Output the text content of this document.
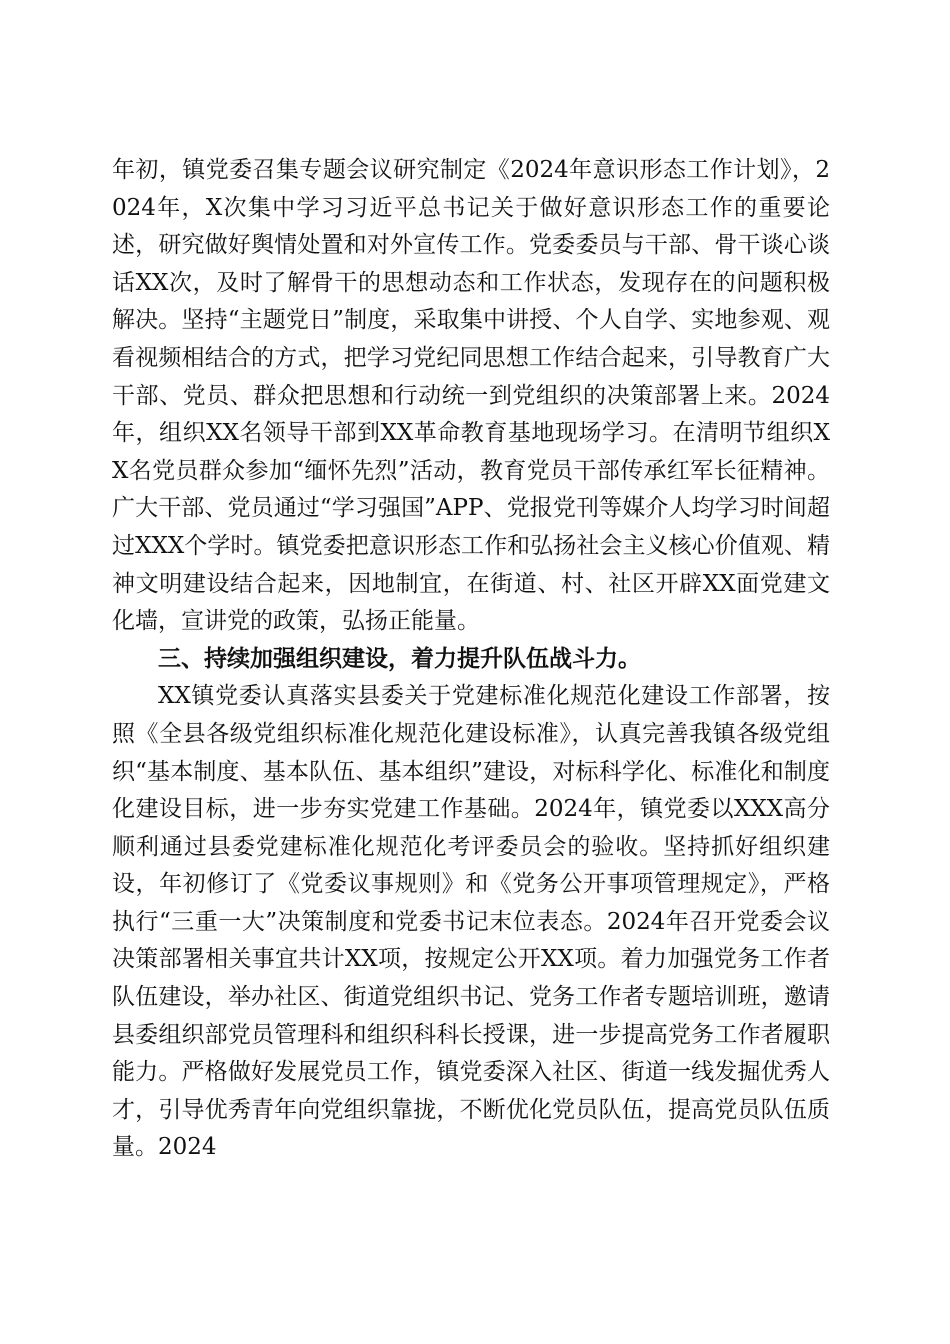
年初，镇党委召集专题会议研究制定《2024年意识形态工作计划》，2024年，X次集中学习习近平总书记关于做好意识形态工作的重要论述，研究做好舆情处置和对外宣传工作。党委委员与干部、骨干谈心谈话XX次，及时了解骨干的思想动态和工作状态，发现存在的问题积极解决。坚持“主题党日”制度，采取集中讲授、个人自学、实地参观、观看视频相结合的方式，把学习党纪同思想工作结合起来，引导教育广大干部、党员、群众把思想和行动统一到党组织的决策部署上来。2024年，组织XX名领导干部到XX革命教育基地现场学习。在清明节组织XX名党员群众参加“缅怀先烈”活动，教育党员干部传承红军长征精神。广大干部、党员通过“学习强国”APP、党报党刊等媒介人均学习时间超过XXX个学时。镇党委把意识形态工作和弘扬社会主义核心价值观、精神文明建设结合起来，因地制宜，在街道、村、社区开辟XX面党建文化墙，宣讲党的政策，弘扬正能量。

三、持续加强组织建设，着力提升队伍战斗力。

XX镇党委认真落实县委关于党建标准化规范化建设工作部署，按照《全县各级党组织标准化规范化建设标准》，认真完善我镇各级党组织“基本制度、基本队伍、基本组织”建设，对标科学化、标准化和制度化建设目标，进一步夯实党建工作基础。2024年，镇党委以XXX高分顺利通过县委党建标准化规范化考评委员会的验收。坚持抓好组织建设，年初修订了《党委议事规则》和《党务公开事项管理规定》，严格执行“三重一大”决策制度和党委书记末位表态。2024年召开党委会议决策部署相关事宜共计XX项，按规定公开XX项。着力加强党务工作者队伍建设，举办社区、街道党组织书记、党务工作者专题培训班，邀请县委组织部党员管理科和组织科科长授课，进一步提高党务工作者履职能力。严格做好发展党员工作，镇党委深入社区、街道一线发掘优秀人才，引导优秀青年向党组织靠拢，不断优化党员队伍，提高党员队伍质量。2024
